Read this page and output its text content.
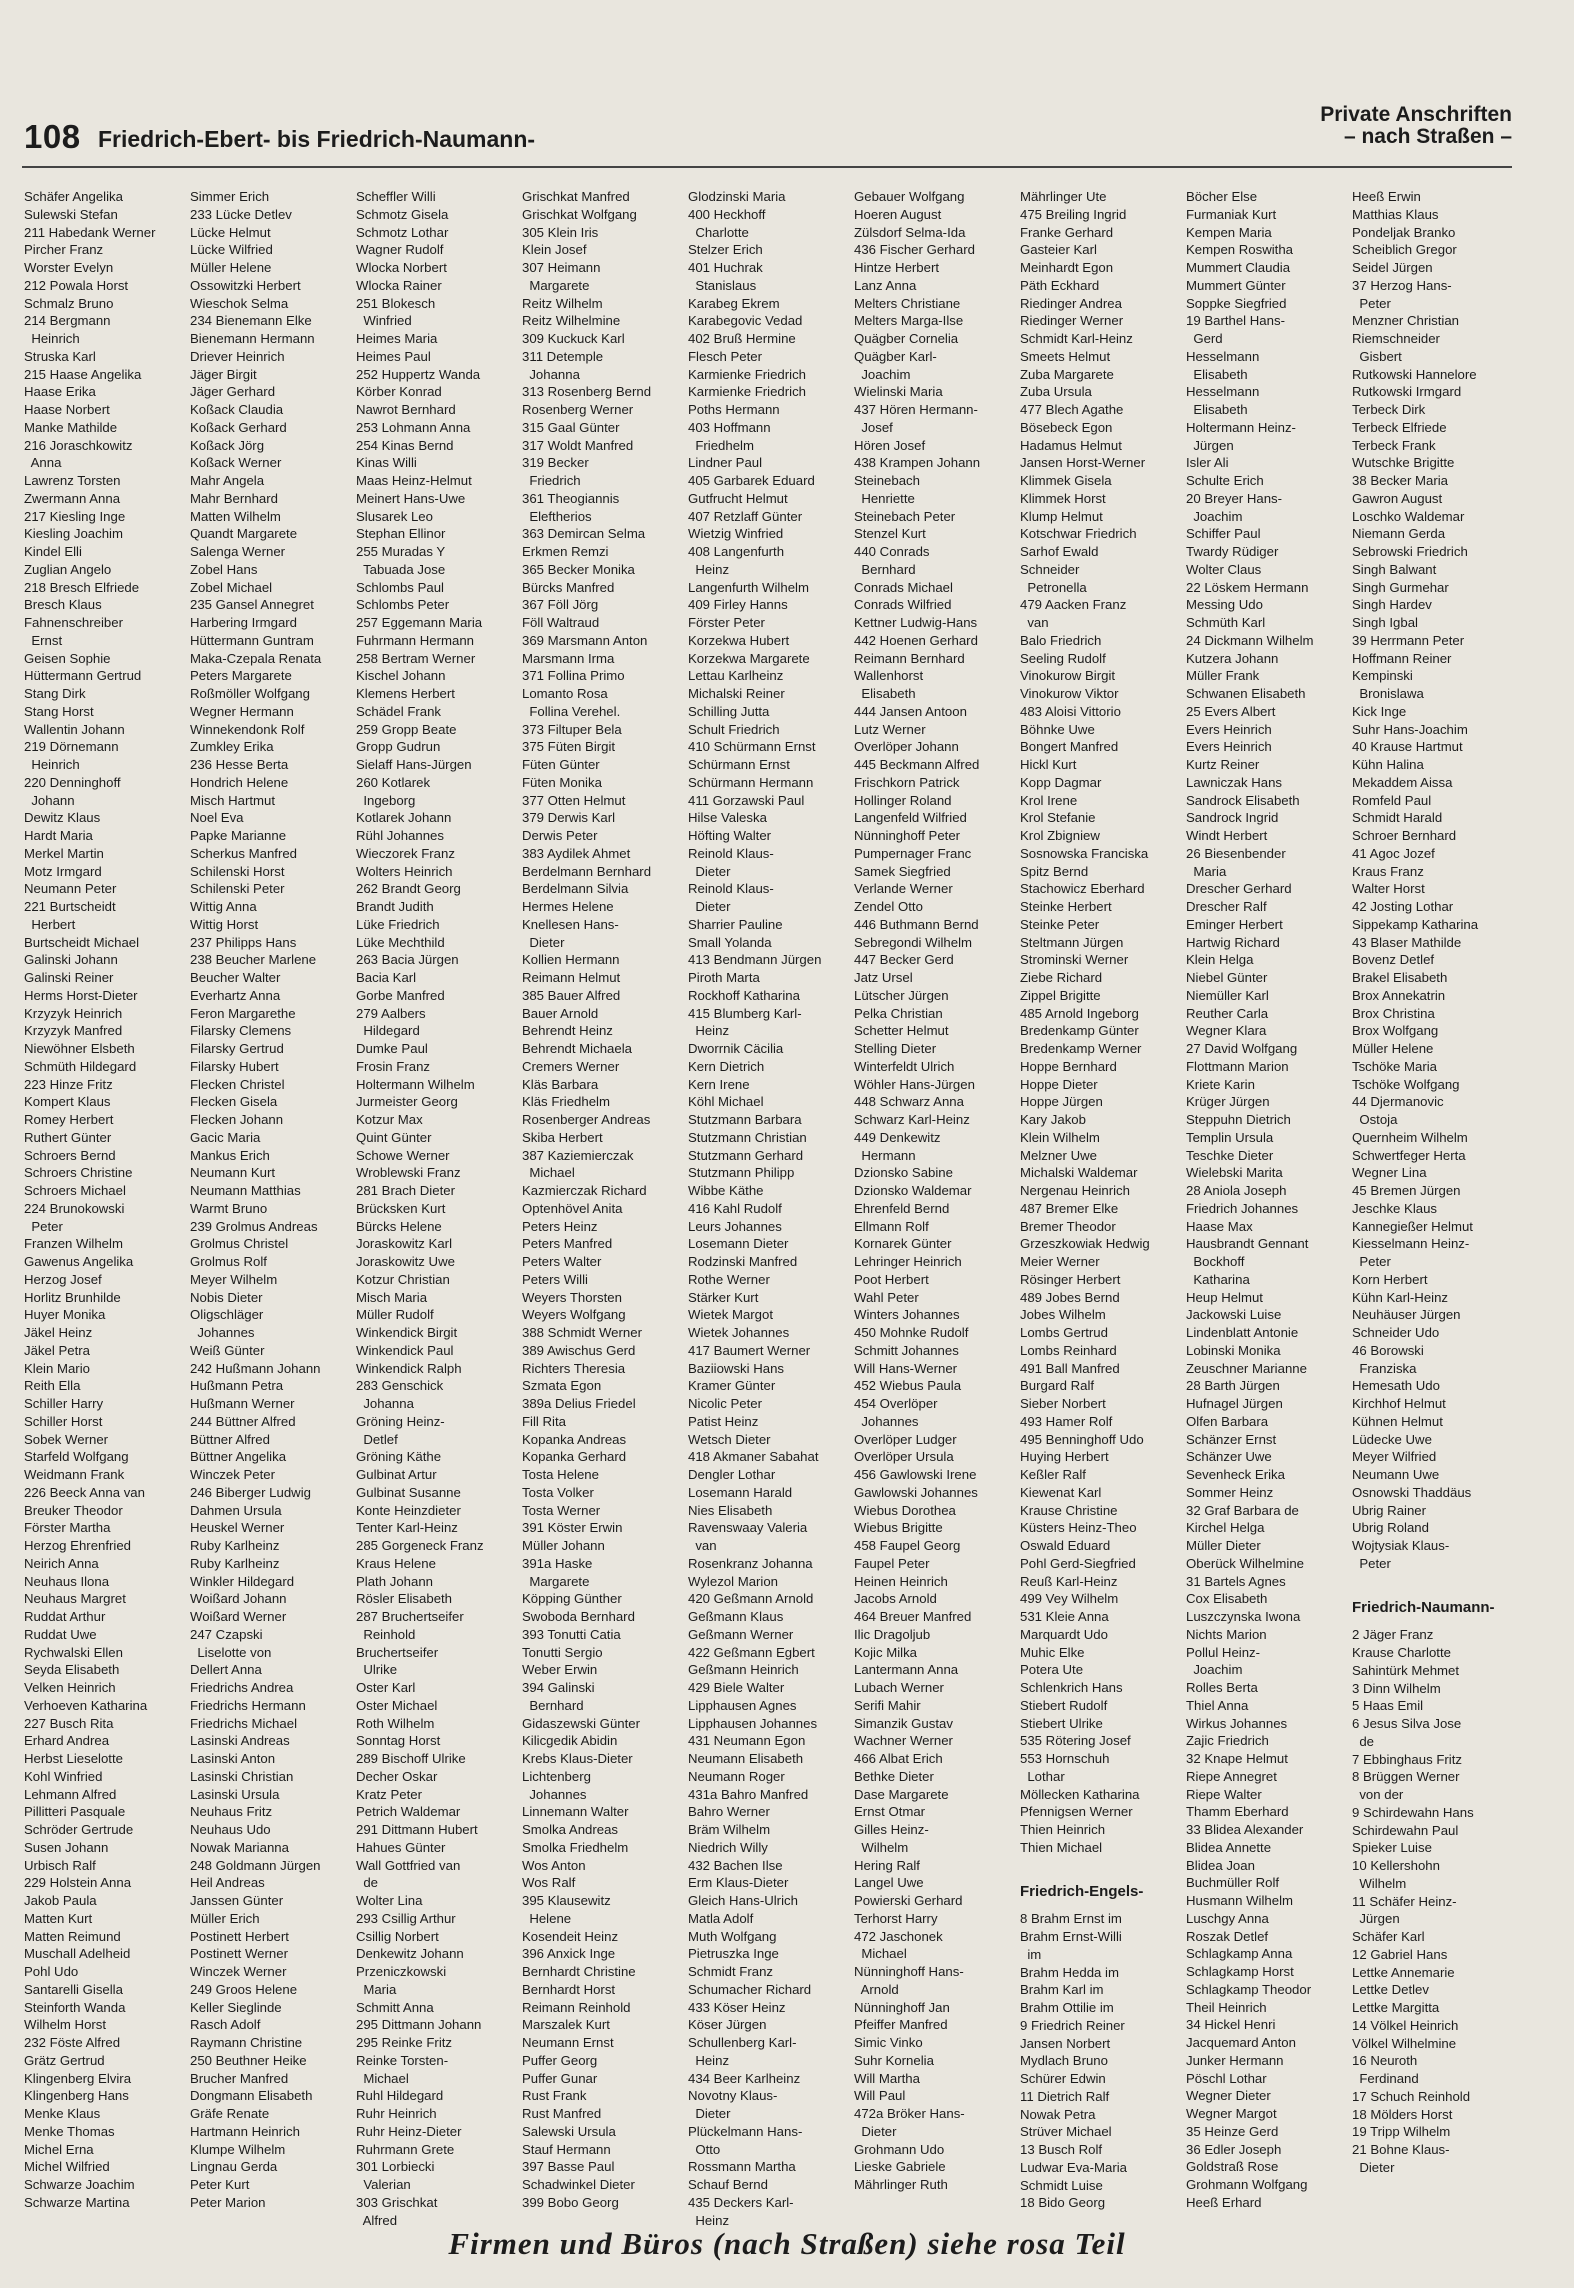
108 Friedrich-Ebert- bis Friedrich-Naumann-
Private Anschriften
– nach Straßen –
Schäfer Angelika
Sulewski Stefan
211 Habedank Werner
Pircher Franz
Worster Evelyn
212 Powala Horst
Schmalz Bruno
214 Bergmann
Heinrich
Struska Karl
215 Haase Angelika
Haase Erika
Haase Norbert
Manke Mathilde
216 Joraschkowitz
Anna
Lawrenz Torsten
Zwermann Anna
217 Kiesling Inge
Kiesling Joachim
Kindel Elli
Zuglian Angelo
218 Bresch Elfriede
Bresch Klaus
Fahnenschreiber
Ernst
Geisen Sophie
Hüttermann Gertrud
Stang Dirk
Stang Horst
Wallentin Johann
219 Dörnemann
Heinrich
220 Denninghoff
Johann
Dewitz Klaus
Hardt Maria
Merkel Martin
Motz Irmgard
Neumann Peter
221 Burtscheidt
Herbert
Burtscheidt Michael
Galinski Johann
Galinski Reiner
Herms Horst-Dieter
Krzyzyk Heinrich
Krzyzyk Manfred
Niewöhner Elsbeth
Schmüth Hildegard
223 Hinze Fritz
Kompert Klaus
Romey Herbert
Ruthert Günter
Schroers Bernd
Schroers Christine
Schroers Michael
224 Brunokowski
Peter
Franzen Wilhelm
Gawenus Angelika
Herzog Josef
Horlitz Brunhilde
Huyer Monika
Jäkel Heinz
Jäkel Petra
Klein Mario
Reith Ella
Schiller Harry
Schiller Horst
Sobek Werner
Starfeld Wolfgang
Weidmann Frank
226 Beeck Anna van
Breuker Theodor
Förster Martha
Herzog Ehrenfried
Neirich Anna
Neuhaus Ilona
Neuhaus Margret
Ruddat Arthur
Ruddat Uwe
Rychwalski Ellen
Seyda Elisabeth
Velken Heinrich
Verhoeven Katharina
227 Busch Rita
Erhard Andrea
Herbst Lieselotte
Kohl Winfried
Lehmann Alfred
Pillitteri Pasquale
Schröder Gertrude
Susen Johann
Urbisch Ralf
229 Holstein Anna
Jakob Paula
Matten Kurt
Matten Reimund
Muschall Adelheid
Pohl Udo
Santarelli Gisella
Steinforth Wanda
Wilhelm Horst
232 Föste Alfred
Grätz Gertrud
Klingenberg Elvira
Klingenberg Hans
Menke Klaus
Menke Thomas
Michel Erna
Michel Wilfried
Schwarze Joachim
Schwarze Martina
Simmer Erich
233 Lücke Detlev
Lücke Helmut
Lücke Wilfried
Müller Helene
Ossowitzki Herbert
Wieschok Selma
234 Bienemann Elke
Bienemann Hermann
Driever Heinrich
Jäger Birgit
Jäger Gerhard
Koßack Claudia
Koßack Gerhard
Koßack Jörg
Koßack Werner
Mahr Angela
Mahr Bernhard
Matten Wilhelm
Quandt Margarete
Salenga Werner
Zobel Hans
Zobel Michael
235 Gansel Annegret
Harbering Irmgard
Hüttermann Guntram
Maka-Czepala Renata
Peters Margarete
Roßmöller Wolfgang
Wegner Hermann
Winnekendonk Rolf
Zumkley Erika
236 Hesse Berta
Hondrich Helene
Misch Hartmut
Noel Eva
Papke Marianne
Scherkus Manfred
Schilenski Horst
Schilenski Peter
Wittig Anna
Wittig Horst
237 Philipps Hans
238 Beucher Marlene
Beucher Walter
Everhartz Anna
Feron Margarethe
Filarsky Clemens
Filarsky Gertrud
Filarsky Hubert
Flecken Christel
Flecken Gisela
Flecken Johann
Gacic Maria
Mankus Erich
Neumann Kurt
Neumann Matthias
Warmt Bruno
239 Grolmus Andreas
Grolmus Christel
Grolmus Rolf
Meyer Wilhelm
Nobis Dieter
Oligschläger
Johannes
Weiß Günter
242 Hußmann Johann
Hußmann Petra
Hußmann Werner
244 Büttner Alfred
Büttner Alfred
Büttner Angelika
Winczek Peter
246 Biberger Ludwig
Dahmen Ursula
Heuskel Werner
Ruby Karlheinz
Ruby Karlheinz
Winkler Hildegard
Woißard Johann
Woißard Werner
247 Czapski
Liselotte von
Dellert Anna
Friedrichs Andrea
Friedrichs Hermann
Friedrichs Michael
Lasinski Andreas
Lasinski Anton
Lasinski Christian
Lasinski Ursula
Neuhaus Fritz
Neuhaus Udo
Nowak Marianna
248 Goldmann Jürgen
Heil Andreas
Janssen Günter
Müller Erich
Postinett Herbert
Postinett Werner
Winczek Werner
249 Groos Helene
Keller Sieglinde
Rasch Adolf
Raymann Christine
250 Beuthner Heike
Brucher Manfred
Dongmann Elisabeth
Gräfe Renate
Hartmann Heinrich
Klumpe Wilhelm
Lingnau Gerda
Peter Kurt
Peter Marion
Scheffler Willi
Schmotz Gisela
Schmotz Lothar
Wagner Rudolf
Wlocka Norbert
Wlocka Rainer
251 Blokesch
Winfried
Heimes Maria
Heimes Paul
252 Huppertz Wanda
Körber Konrad
Nawrot Bernhard
253 Lohmann Anna
254 Kinas Bernd
Kinas Willi
Maas Heinz-Helmut
Meinert Hans-Uwe
Slusarek Leo
Stephan Ellinor
255 Muradas Y
Tabuada Jose
Schlombs Paul
Schlombs Peter
257 Eggemann Maria
Fuhrmann Hermann
258 Bertram Werner
Kischel Johann
Klemens Herbert
Schädel Frank
259 Gropp Beate
Gropp Gudrun
Sielaff Hans-Jürgen
260 Kotlarek
Ingeborg
Kotlarek Johann
Rühl Johannes
Wieczorek Franz
Wolters Heinrich
262 Brandt Georg
Brandt Judith
Lüke Friedrich
Lüke Mechthild
263 Bacia Jürgen
Bacia Karl
Gorbe Manfred
279 Aalbers
Hildegard
Dumke Paul
Frosin Franz
Holtermann Wilhelm
Jurmeister Georg
Kotzur Max
Quint Günter
Schowe Werner
Wroblewski Franz
281 Brach Dieter
Brücksken Kurt
Bürcks Helene
Joraskowitz Karl
Joraskowitz Uwe
Kotzur Christian
Misch Maria
Müller Rudolf
Winkendick Birgit
Winkendick Paul
Winkendick Ralph
283 Genschick
Johanna
Gröning Heinz-
Detlef
Gröning Käthe
Gulbinat Artur
Gulbinat Susanne
Konte Heinzdieter
Tenter Karl-Heinz
285 Gorgeneck Franz
Kraus Helene
Plath Johann
Rösler Elisabeth
287 Bruchertseifer
Reinhold
Bruchertseifer
Ulrike
Oster Karl
Oster Michael
Roth Wilhelm
Sonntag Horst
289 Bischoff Ulrike
Decher Oskar
Kratz Peter
Petrich Waldemar
291 Dittmann Hubert
Hahues Günter
Wall Gottfried van
de
Wolter Lina
293 Csillig Arthur
Csillig Norbert
Denkewitz Johann
Przeniczkowski
Maria
Schmitt Anna
295 Dittmann Johann
295 Reinke Fritz
Reinke Torsten-
Michael
Ruhl Hildegard
Ruhr Heinrich
Ruhr Heinz-Dieter
Ruhrmann Grete
301 Lorbiecki
Valerian
303 Grischkat
Alfred
Grischkat Manfred
Grischkat Wolfgang
305 Klein Iris
Klein Josef
307 Heimann
Margarete
Reitz Wilhelm
Reitz Wilhelmine
309 Kuckuck Karl
311 Detemple
Johanna
313 Rosenberg Bernd
Rosenberg Werner
315 Gaal Günter
317 Woldt Manfred
319 Becker
Friedrich
361 Theogiannis
Eleftherios
363 Demircan Selma
Erkmen Remzi
365 Becker Monika
Bürcks Manfred
367 Föll Jörg
Föll Waltraud
369 Marsmann Anton
Marsmann Irma
371 Follina Primo
Lomanto Rosa
Follina Verehel.
373 Filtuper Bela
375 Füten Birgit
Füten Günter
Füten Monika
377 Otten Helmut
379 Derwis Karl
Derwis Peter
383 Aydilek Ahmet
Berdelmann Bernhard
Berdelmann Silvia
Hermes Helene
Knellesen Hans-
Dieter
Kollien Hermann
Reimann Helmut
385 Bauer Alfred
Bauer Arnold
Behrendt Heinz
Behrendt Michaela
Cremers Werner
Kläs Barbara
Kläs Friedhelm
Rosenberger Andreas
Skiba Herbert
387 Kaziemierczak
Michael
Kazmierczak Richard
Optenhövel Anita
Peters Heinz
Peters Manfred
Peters Walter
Peters Willi
Weyers Thorsten
Weyers Wolfgang
388 Schmidt Werner
389 Awischus Gerd
Richters Theresia
Szmata Egon
389a Delius Friedel
Fill Rita
Kopanka Andreas
Kopanka Gerhard
Tosta Helene
Tosta Volker
Tosta Werner
391 Köster Erwin
Müller Johann
391a Haske
Margarete
Köpping Günther
Swoboda Bernhard
393 Tonutti Catia
Tonutti Sergio
Weber Erwin
394 Galinski
Bernhard
Gidaszewski Günter
Kilicgedik Abidin
Krebs Klaus-Dieter
Lichtenberg
Johannes
Linnemann Walter
Smolka Andreas
Smolka Friedhelm
Wos Anton
Wos Ralf
395 Klausewitz
Helene
Kosendeit Heinz
396 Anxick Inge
Bernhardt Christine
Bernhardt Horst
Reimann Reinhold
Marszalek Kurt
Neumann Ernst
Puffer Georg
Puffer Gunar
Rust Frank
Rust Manfred
Salewski Ursula
Stauf Hermann
397 Basse Paul
Schadwinkel Dieter
399 Bobo Georg
Glodzinski Maria
400 Heckhoff
Charlotte
Stelzer Erich
401 Huchrak
Stanislaus
Karabeg Ekrem
Karabegovic Vedad
402 Bruß Hermine
Flesch Peter
Karmienke Friedrich
Karmienke Friedrich
Poths Hermann
403 Hoffmann
Friedhelm
Lindner Paul
405 Garbarek Eduard
Gutfrucht Helmut
407 Retzlaff Günter
Wietzig Winfried
408 Langenfurth
Heinz
Langenfurth Wilhelm
409 Firley Hanns
Förster Peter
Korzekwa Hubert
Korzekwa Margarete
Lettau Karlheinz
Michalski Reiner
Schilling Jutta
Schult Friedrich
410 Schürmann Ernst
Schürmann Ernst
Schürmann Hermann
411 Gorzawski Paul
Hilse Valeska
Höfting Walter
Reinold Klaus-
Dieter
Reinold Klaus-
Dieter
Sharrier Pauline
Small Yolanda
413 Bendmann Jürgen
Piroth Marta
Rockhoff Katharina
415 Blumberg Karl-
Heinz
Dworrnik Cäcilia
Kern Dietrich
Kern Irene
Köhl Michael
Stutzmann Barbara
Stutzmann Christian
Stutzmann Gerhard
Stutzmann Philipp
Wibbe Käthe
416 Kahl Rudolf
Leurs Johannes
Losemann Dieter
Rodzinski Manfred
Rothe Werner
Stärker Kurt
Wietek Margot
Wietek Johannes
417 Baumert Werner
Baziiowski Hans
Kramer Günter
Nicolic Peter
Patist Heinz
Wetsch Dieter
418 Akmaner Sabahat
Dengler Lothar
Losemann Harald
Nies Elisabeth
Ravenswaay Valeria
van
Rosenkranz Johanna
Wylezol Marion
420 Geßmann Arnold
Geßmann Klaus
Geßmann Werner
422 Geßmann Egbert
Geßmann Heinrich
429 Biele Walter
Lipphausen Agnes
Lipphausen Johannes
431 Neumann Egon
Neumann Elisabeth
Neumann Roger
431a Bahro Manfred
Bahro Werner
Bräm Wilhelm
Niedrich Willy
432 Bachen Ilse
Erm Klaus-Dieter
Gleich Hans-Ulrich
Matla Adolf
Muth Wolfgang
Pietruszka Inge
Schmidt Franz
Schumacher Richard
433 Köser Heinz
Köser Jürgen
Schullenberg Karl-
Heinz
434 Beer Karlheinz
Novotny Klaus-
Dieter
Plückelmann Hans-
Otto
Rossmann Martha
Schauf Bernd
435 Deckers Karl-
Heinz
Gebauer Wolfgang
Hoeren August
Zülsdorf Selma-Ida
436 Fischer Gerhard
Hintze Herbert
Lanz Anna
Melters Christiane
Melters Marga-Ilse
Quägber Cornelia
Quägber Karl-
Joachim
Wielinski Maria
437 Hören Hermann-
Josef
Hören Josef
438 Krampen Johann
Steinebach
Henriette
Steinebach Peter
Stenzel Kurt
440 Conrads
Bernhard
Conrads Michael
Conrads Wilfried
Kettner Ludwig-Hans
442 Hoenen Gerhard
Reimann Bernhard
Wallenhorst
Elisabeth
444 Jansen Antoon
Lutz Werner
Overlöper Johann
445 Beckmann Alfred
Frischkorn Patrick
Hollinger Roland
Langenfeld Wilfried
Nünninghoff Peter
Pumpernager Franc
Samek Siegfried
Verlande Werner
Zendel Otto
446 Buthmann Bernd
Sebregondi Wilhelm
447 Becker Gerd
Jatz Ursel
Lütscher Jürgen
Pelka Christian
Schetter Helmut
Stelling Dieter
Winterfeldt Ulrich
Wöhler Hans-Jürgen
448 Schwarz Anna
Schwarz Karl-Heinz
449 Denkewitz
Hermann
Dzionsko Sabine
Dzionsko Waldemar
Ehrenfeld Bernd
Ellmann Rolf
Kornarek Günter
Lehringer Heinrich
Poot Herbert
Wahl Peter
Winters Johannes
450 Mohnke Rudolf
Schmitt Johannes
Will Hans-Werner
452 Wiebus Paula
454 Overlöper
Johannes
Overlöper Ludger
Overlöper Ursula
456 Gawlowski Irene
Gawlowski Johannes
Wiebus Dorothea
Wiebus Brigitte
458 Faupel Georg
Faupel Peter
Heinen Heinrich
Jacobs Arnold
464 Breuer Manfred
Ilic Dragoljub
Kojic Milka
Lantermann Anna
Lubach Werner
Serifi Mahir
Simanzik Gustav
Wachner Werner
466 Albat Erich
Bethke Dieter
Dase Margarete
Ernst Otmar
Gilles Heinz-
Wilhelm
Hering Ralf
Langel Uwe
Powierski Gerhard
Terhorst Harry
472 Jaschonek
Michael
Nünninghoff Hans-
Arnold
Nünninghoff Jan
Pfeiffer Manfred
Simic Vinko
Suhr Kornelia
Will Martha
Will Paul
472a Bröker Hans-
Dieter
Grohmann Udo
Lieske Gabriele
Mährlinger Ruth
Mährlinger Ute
475 Breiling Ingrid
Franke Gerhard
Gasteier Karl
Meinhardt Egon
Päth Eckhard
Riedinger Andrea
Riedinger Werner
Schmidt Karl-Heinz
Smeets Helmut
Zuba Margarete
Zuba Ursula
477 Blech Agathe
Bösebeck Egon
Hadamus Helmut
Jansen Horst-Werner
Klimmek Gisela
Klimmek Horst
Klump Helmut
Kotschwar Friedrich
Sarhof Ewald
Schneider
Petronella
479 Aacken Franz
van
Balo Friedrich
Seeling Rudolf
Vinokurow Birgit
Vinokurow Viktor
483 Aloisi Vittorio
Böhnke Uwe
Bongert Manfred
Hickl Kurt
Kopp Dagmar
Krol Irene
Krol Stefanie
Krol Zbigniew
Sosnowska Franciska
Spitz Bernd
Stachowicz Eberhard
Steinke Herbert
Steinke Peter
Steltmann Jürgen
Strominski Werner
Ziebe Richard
Zippel Brigitte
485 Arnold Ingeborg
Bredenkamp Günter
Bredenkamp Werner
Hoppe Bernhard
Hoppe Dieter
Hoppe Jürgen
Kary Jakob
Klein Wilhelm
Melzner Uwe
Michalski Waldemar
Nergenau Heinrich
487 Bremer Elke
Bremer Theodor
Grzeszkowiak Hedwig
Meier Werner
Rösinger Herbert
489 Jobes Bernd
Jobes Wilhelm
Lombs Gertrud
Lombs Reinhard
491 Ball Manfred
Burgard Ralf
Sieber Norbert
493 Hamer Rolf
495 Benninghoff Udo
Huying Herbert
Keßler Ralf
Kiewenat Karl
Krause Christine
Küsters Heinz-Theo
Oswald Eduard
Pohl Gerd-Siegfried
Reuß Karl-Heinz
499 Vey Wilhelm
531 Kleie Anna
Marquardt Udo
Muhic Elke
Potera Ute
Schlenkrich Hans
Stiebert Rudolf
Stiebert Ulrike
535 Rötering Josef
553 Hornschuh
Lothar
Möllecken Katharina
Pfennigsen Werner
Thien Heinrich
Thien Michael
Friedrich-Engels-
8 Brahm Ernst im
Brahm Ernst-Willi
im
Brahm Hedda im
Brahm Karl im
Brahm Ottilie im
9 Friedrich Reiner
Jansen Norbert
Mydlach Bruno
Schürer Edwin
11 Dietrich Ralf
Nowak Petra
Strüver Michael
13 Busch Rolf
Ludwar Eva-Maria
Schmidt Luise
18 Bido Georg
Böcher Else
Furmaniak Kurt
Kempen Maria
Kempen Roswitha
Mummert Claudia
Mummert Günter
Soppke Siegfried
19 Barthel Hans-
Gerd
Hesselmann
Elisabeth
Hesselmann
Elisabeth
Holtermann Heinz-
Jürgen
Isler Ali
Schulte Erich
20 Breyer Hans-
Joachim
Schiffer Paul
Twardy Rüdiger
Wolter Claus
22 Löskem Hermann
Messing Udo
Schmüth Karl
24 Dickmann Wilhelm
Kutzera Johann
Müller Frank
Schwanen Elisabeth
25 Evers Albert
Evers Heinrich
Evers Heinrich
Kurtz Reiner
Lawniczak Hans
Sandrock Elisabeth
Sandrock Ingrid
Windt Herbert
26 Biesenbender
Maria
Drescher Gerhard
Drescher Ralf
Eminger Herbert
Hartwig Richard
Klein Helga
Niebel Günter
Niemüller Karl
Reuther Carla
Wegner Klara
27 David Wolfgang
Flottmann Marion
Kriete Karin
Krüger Jürgen
Steppuhn Dietrich
Templin Ursula
Teschke Dieter
Wielebski Marita
28 Aniola Joseph
Friedrich Johannes
Haase Max
Hausbrandt Gennant
Bockhoff
Katharina
Heup Helmut
Jackowski Luise
Lindenblatt Antonie
Lobinski Monika
Zeuschner Marianne
28 Barth Jürgen
Hufnagel Jürgen
Olfen Barbara
Schänzer Ernst
Schänzer Uwe
Sevenheck Erika
Sommer Heinz
32 Graf Barbara de
Kirchel Helga
Müller Dieter
Oberück Wilhelmine
31 Bartels Agnes
Cox Elisabeth
Luszczynska Iwona
Nichts Marion
Pollul Heinz-
Joachim
Rolles Berta
Thiel Anna
Wirkus Johannes
Zajic Friedrich
32 Knape Helmut
Riepe Annegret
Riepe Walter
Thamm Eberhard
33 Blidea Alexander
Blidea Annette
Blidea Joan
Buchmüller Rolf
Husmann Wilhelm
Luschgy Anna
Roszak Detlef
Schlagkamp Anna
Schlagkamp Horst
Schlagkamp Theodor
Theil Heinrich
34 Hickel Henri
Jacquemard Anton
Junker Hermann
Pöschl Lothar
Wegner Dieter
Wegner Margot
35 Heinze Gerd
36 Edler Joseph
Goldstraß Rose
Grohmann Wolfgang
Heeß Erhard
Heeß Erwin
Matthias Klaus
Pondeljak Branko
Scheiblich Gregor
Seidel Jürgen
37 Herzog Hans-
Peter
Menzner Christian
Riemschneider
Gisbert
Rutkowski Hannelore
Rutkowski Irmgard
Terbeck Dirk
Terbeck Elfriede
Terbeck Frank
Wutschke Brigitte
38 Becker Maria
Gawron August
Loschko Waldemar
Niemann Gerda
Sebrowski Friedrich
Singh Balwant
Singh Gurmehar
Singh Hardev
Singh Igbal
39 Herrmann Peter
Hoffmann Reiner
Kempinski
Bronislawa
Kick Inge
Suhr Hans-Joachim
40 Krause Hartmut
Kühn Halina
Mekaddem Aissa
Romfeld Paul
Schmidt Harald
Schroer Bernhard
41 Agoc Jozef
Kraus Franz
Walter Horst
42 Josting Lothar
Sippekamp Katharina
43 Blaser Mathilde
Bovenz Detlef
Brakel Elisabeth
Brox Annekatrin
Brox Christina
Brox Wolfgang
Müller Helene
Tschöke Maria
Tschöke Wolfgang
44 Djermanovic
Ostoja
Quernheim Wilhelm
Schwertfeger Herta
Wegner Lina
45 Bremen Jürgen
Jeschke Klaus
Kannegießer Helmut
Kiesselmann Heinz-
Peter
Korn Herbert
Kühn Karl-Heinz
Neuhäuser Jürgen
Schneider Udo
46 Borowski
Franziska
Hemesath Udo
Kirchhof Helmut
Kühnen Helmut
Lüdecke Uwe
Meyer Wilfried
Neumann Uwe
Osnowski Thaddäus
Ubrig Rainer
Ubrig Roland
Wojtysiak Klaus-
Peter
Friedrich-Naumann-
2 Jäger Franz
Krause Charlotte
Sahintürk Mehmet
3 Dinn Wilhelm
5 Haas Emil
6 Jesus Silva Jose
de
7 Ebbinghaus Fritz
8 Brüggen Werner
von der
9 Schirdewahn Hans
Schirdewahn Paul
Spieker Luise
10 Kellershohn
Wilhelm
11 Schäfer Heinz-
Jürgen
Schäfer Karl
12 Gabriel Hans
Lettke Annemarie
Lettke Detlev
Lettke Margitta
14 Völkel Heinrich
Völkel Wilhelmine
16 Neuroth
Ferdinand
17 Schuch Reinhold
18 Mölders Horst
19 Tripp Wilhelm
21 Bohne Klaus-
Dieter
Firmen und Büros (nach Straßen) siehe rosa Teil
